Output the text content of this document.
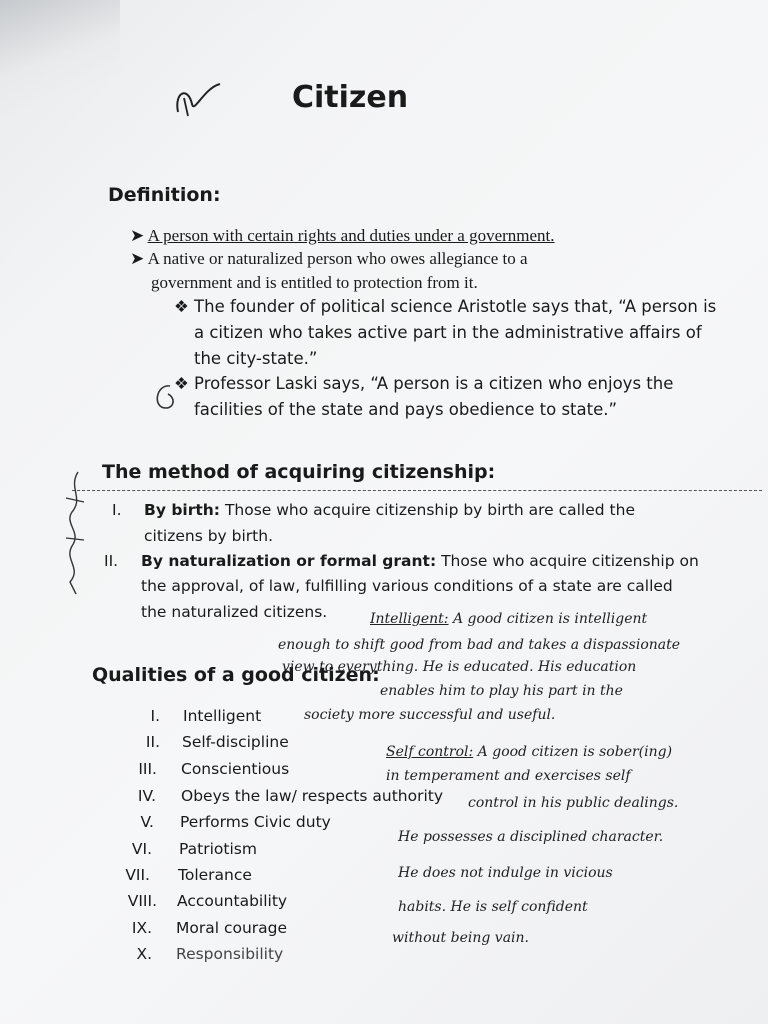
Citizen
Definition:
➤ A person with certain rights and duties under a government.
➤ A native or naturalized person who owes allegiance to a
government and is entitled to protection from it.
❖ The founder of political science Aristotle says that, “A person is
a citizen who takes active part in the administrative affairs of
the city-state.”
❖ Professor Laski says, “A person is a citizen who enjoys the
facilities of the state and pays obedience to state.”
The method of acquiring citizenship:
I. By birth: Those who acquire citizenship by birth are called the
citizens by birth.
II. By naturalization or formal grant: Those who acquire citizenship on
the approval, of law, fulfilling various conditions of a state are called
the naturalized citizens.
Qualities of a good citizen:
I. Intelligent
II. Self-discipline
III. Conscientious
IV. Obeys the law/ respects authority
V. Performs Civic duty
VI. Patriotism
VII. Tolerance
VIII. Accountability
IX. Moral courage
X. Responsibility
Intelligent: A good citizen is intelligent
enough to shift good from bad and takes a dispassionate
view to everything. He is educated. His education
enables him to play his part in the
society more successful and useful.
Self control: A good citizen is sober(ing)
in temperament and exercises self
control in his public dealings.
He possesses a disciplined character.
He does not indulge in vicious
habits. He is self confident
without being vain.
